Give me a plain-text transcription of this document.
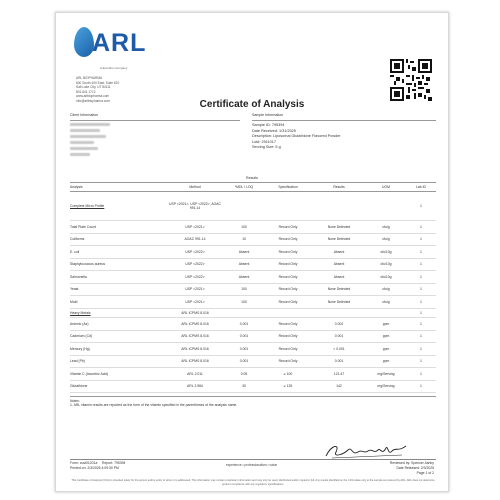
ARL
A Eurofins Company
ARL BIOPHARMA
600 South 400 East, Suite 810
Salt Lake City, UT 84111
801.641.1712
www.arlbiopharma.com
info@arlbiopharma.com	Certificate of Analysis
Client Information	Sample Information
Sample ID: 795394
Date Received: 1/31/2025
Description: Liposomal Glutathione Flavored Powder
Lot#: 2911017
Serving Size: 5 g
Results
Analysis	Method	*MDL / LOQ	Specification	Results	UOM	Lab ID
Complete Micro Profile	USP <2021>, USP <2022>, AOAC 991.14					1
Total Plate Count	USP <2021>	100	Record Only	None Detected	cfu/g	1
Coliforms	AOAC 991.14	10	Record Only	None Detected	cfu/g	1
E. coli	USP <2022>	Absent	Record Only	Absent	cfu/10g	1
Staphylococcus aureus	USP <2022>	Absent	Record Only	Absent	cfu/10g	1
Salmonella	USP <2022>	Absent	Record Only	Absent	cfu/10g	1
Yeast	USP <2021>	100	Record Only	None Detected	cfu/g	1
Mold	USP <2021>	100	Record Only	None Detected	cfu/g	1
Heavy Metals	ARL ICPMS 8.016					1
Arsenic (As)	ARL ICPMS 8.016	0.001	Record Only	0.002	ppm	1
Cadmium (Cd)	ARL ICPMS 8.016	0.001	Record Only	0.001	ppm	1
Mercury (Hg)	ARL ICPMS 8.016	0.001	Record Only	< 0.001	ppm	1
Lead (Pb)	ARL ICPMS 8.016	0.001	Record Only	0.001	ppm	1
Vitamin C (Ascorbic Acid)	ARL 2.011	0.05	≥ 100	121.47	mg/Serving	1
Glutathione	ARL 2.984	30	≥ 125	142	mg/Serving	1
Notes:
1. ARL vitamin results are reported as the form of the vitamin specified in the parentheses of the analysis name.
Form: cust01201a Report: 795394
Printed on: 2/3/2025 4:09:30 PM
experience • professionalism • value	Reviewed by: Spencer Ashby
Date Released: 2/3/2025
Page 1 of 2
This Certificate of Analysis (COA) is intended solely for the person and/or entity to whom it is addressed. This information may contain proprietary information and may only be used, distributed and/or copied in full. Any results identified on the COA relate only to the sample as received by ARL. ARL does not determine product compliance with any regulatory specifications.
